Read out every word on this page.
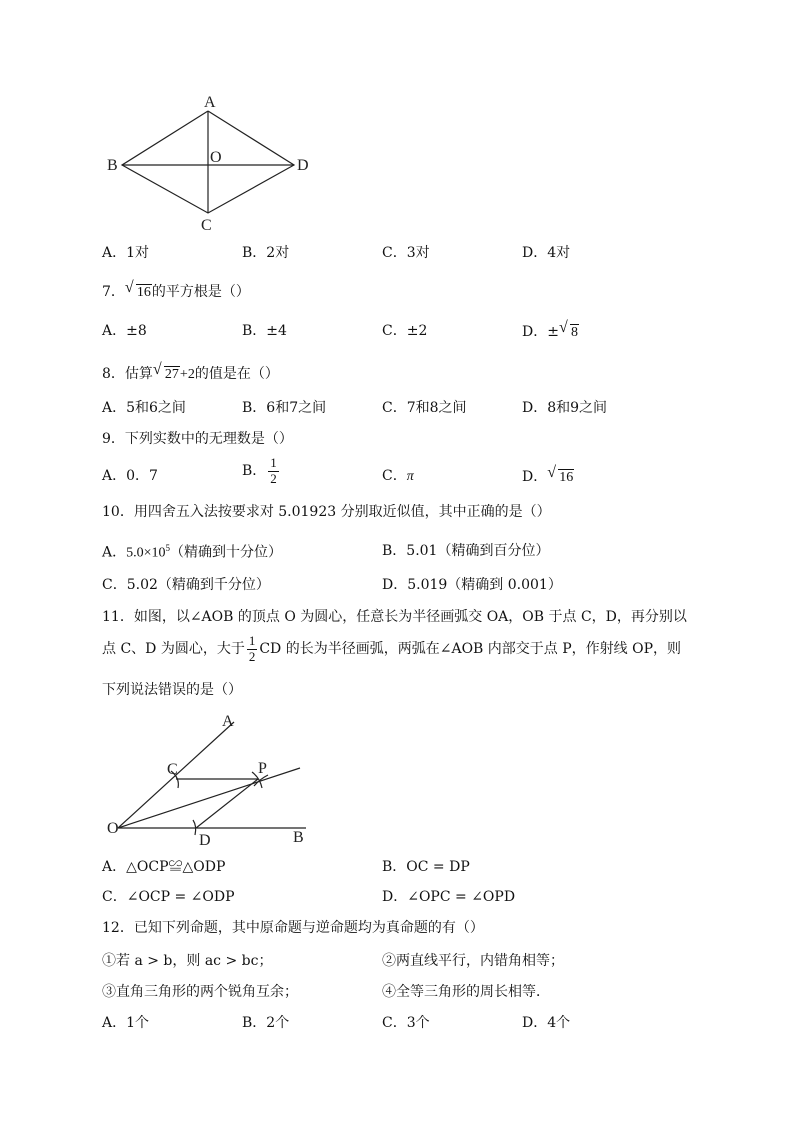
A
B	O	D
C
A．1对	B．2对	C．3对	D．4对
7． √ 16的平方根是（）
A．±8	B．±4	C．±2	D．± √ 8
8．估算 √ 27+2的值是在（）
A．5和6之间	B．6和7之间	C．7和8之间	D．8和9之间
9．下列实数中的无理数是（）
A．0．7	B． $\frac{1}{2}$	C．π	D． √ 16
10．用四舍五入法按要求对 5.01923 分别取近似值，其中正确的是（）
A．$5.0\times 10^5$（精确到十分位）	B．5.01（精确到百分位）
C．5.02（精确到千分位）	D．5.019（精确到 0.001）
11．如图，以∠AOB 的顶点 O 为圆心，任意长为半径画弧交 OA，OB 于点 C，D，再分别以
点 C、D 为圆心，大于 $\frac{1}{2}$ CD 的长为半径画弧，两弧在∠AOB 内部交于点 P，作射线 OP，则
下列说法错误的是（）
A
C	P
O
D	B
A．△OCP≌△ODP	B．OC = DP
C．∠OCP = ∠ODP	D．∠OPC = ∠OPD
12．已知下列命题，其中原命题与逆命题均为真命题的有（）
①若 a > b，则 ac > bc；	②两直线平行，内错角相等；
③直角三角形的两个锐角互余；	④全等三角形的周长相等．
A．1个	B．2个	C．3个	D．4个
